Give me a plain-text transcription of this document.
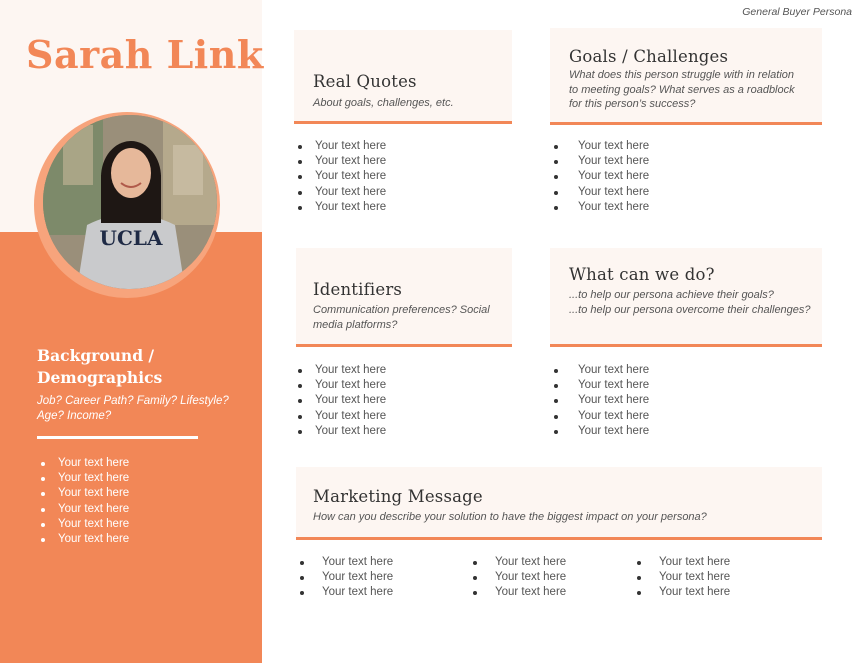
Sarah Link
UCLA
Background /
Demographics
Job? Career Path? Family? Lifestyle? Age? Income?
Your text here
Your text here
Your text here
Your text here
Your text here
Your text here
General Buyer Persona
Real Quotes
About goals, challenges, etc.
Your text here
Your text here
Your text here
Your text here
Your text here
Goals / Challenges
What does this person struggle with in relation to meeting goals? What serves as a roadblock for this person’s success?
Your text here
Your text here
Your text here
Your text here
Your text here
Identifiers
Communication preferences? Social media platforms?
Your text here
Your text here
Your text here
Your text here
Your text here
What can we do?
...to help our persona achieve their goals?
...to help our persona overcome their challenges?
Your text here
Your text here
Your text here
Your text here
Your text here
Marketing Message
How can you describe your solution to have the biggest impact on your persona?
Your text here
Your text here
Your text here
Your text here
Your text here
Your text here
Your text here
Your text here
Your text here
